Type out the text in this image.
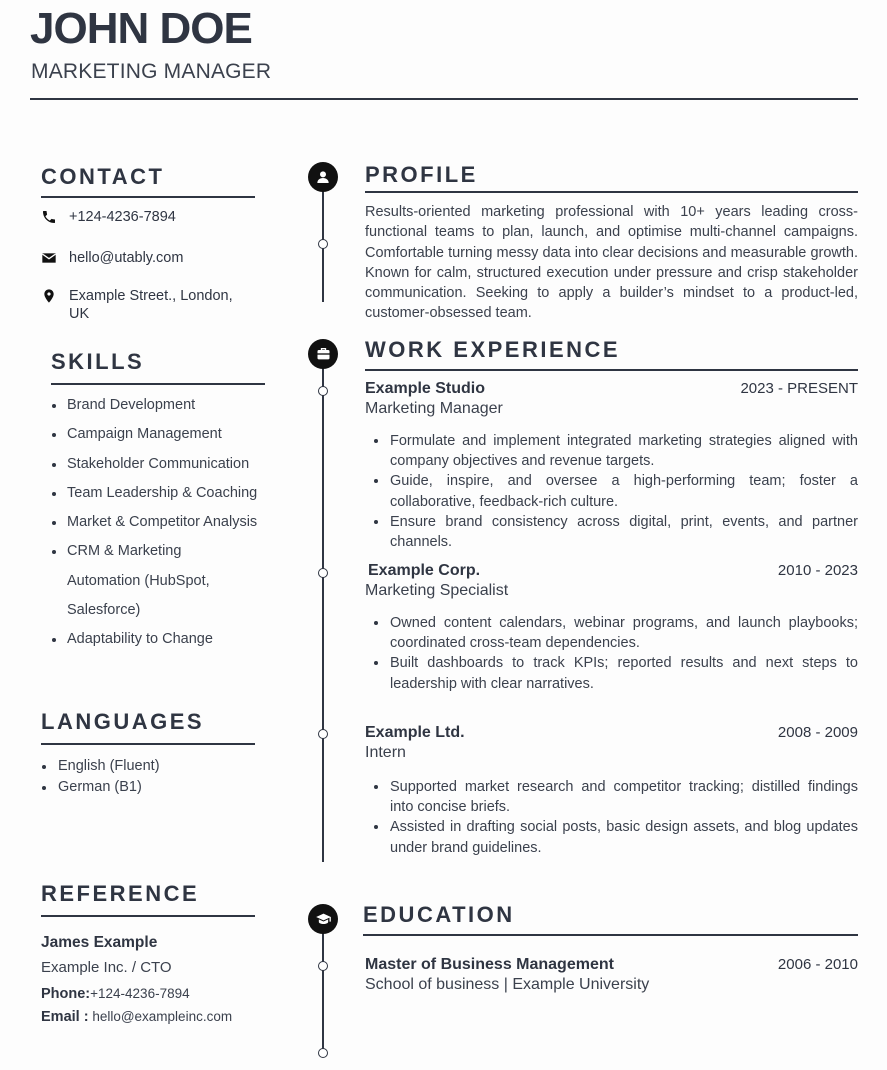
JOHN DOE
MARKETING MANAGER
CONTACT
+124-4236-7894
hello@utably.com
Example Street., London, UK
SKILLS
Brand Development
Campaign Management
Stakeholder Communication
Team Leadership & Coaching
Market & Competitor Analysis
CRM & Marketing Automation (HubSpot, Salesforce)
Adaptability to Change
LANGUAGES
English (Fluent)
German (B1)
REFERENCE
James Example
Example Inc. / CTO
Phone:+124-4236-7894
Email : hello@exampleinc.com
PROFILE
Results-oriented marketing professional with 10+ years leading cross-functional teams to plan, launch, and optimise multi-channel campaigns. Comfortable turning messy data into clear decisions and measurable growth. Known for calm, structured execution under pressure and crisp stakeholder communication. Seeking to apply a builder’s mindset to a product-led, customer-obsessed team.
WORK EXPERIENCE
Example Studio	2023 - PRESENT
Marketing Manager
Formulate and implement integrated marketing strategies aligned with company objectives and revenue targets.
Guide, inspire, and oversee a high-performing team; foster a collaborative, feedback-rich culture.
Ensure brand consistency across digital, print, events, and partner channels.
Example Corp.	2010 - 2023
Marketing Specialist
Owned content calendars, webinar programs, and launch playbooks; coordinated cross-team dependencies.
Built dashboards to track KPIs; reported results and next steps to leadership with clear narratives.
Example Ltd.	2008 - 2009
Intern
Supported market research and competitor tracking; distilled findings into concise briefs.
Assisted in drafting social posts, basic design assets, and blog updates under brand guidelines.
EDUCATION
Master of Business Management	2006 - 2010
School of business | Example University
